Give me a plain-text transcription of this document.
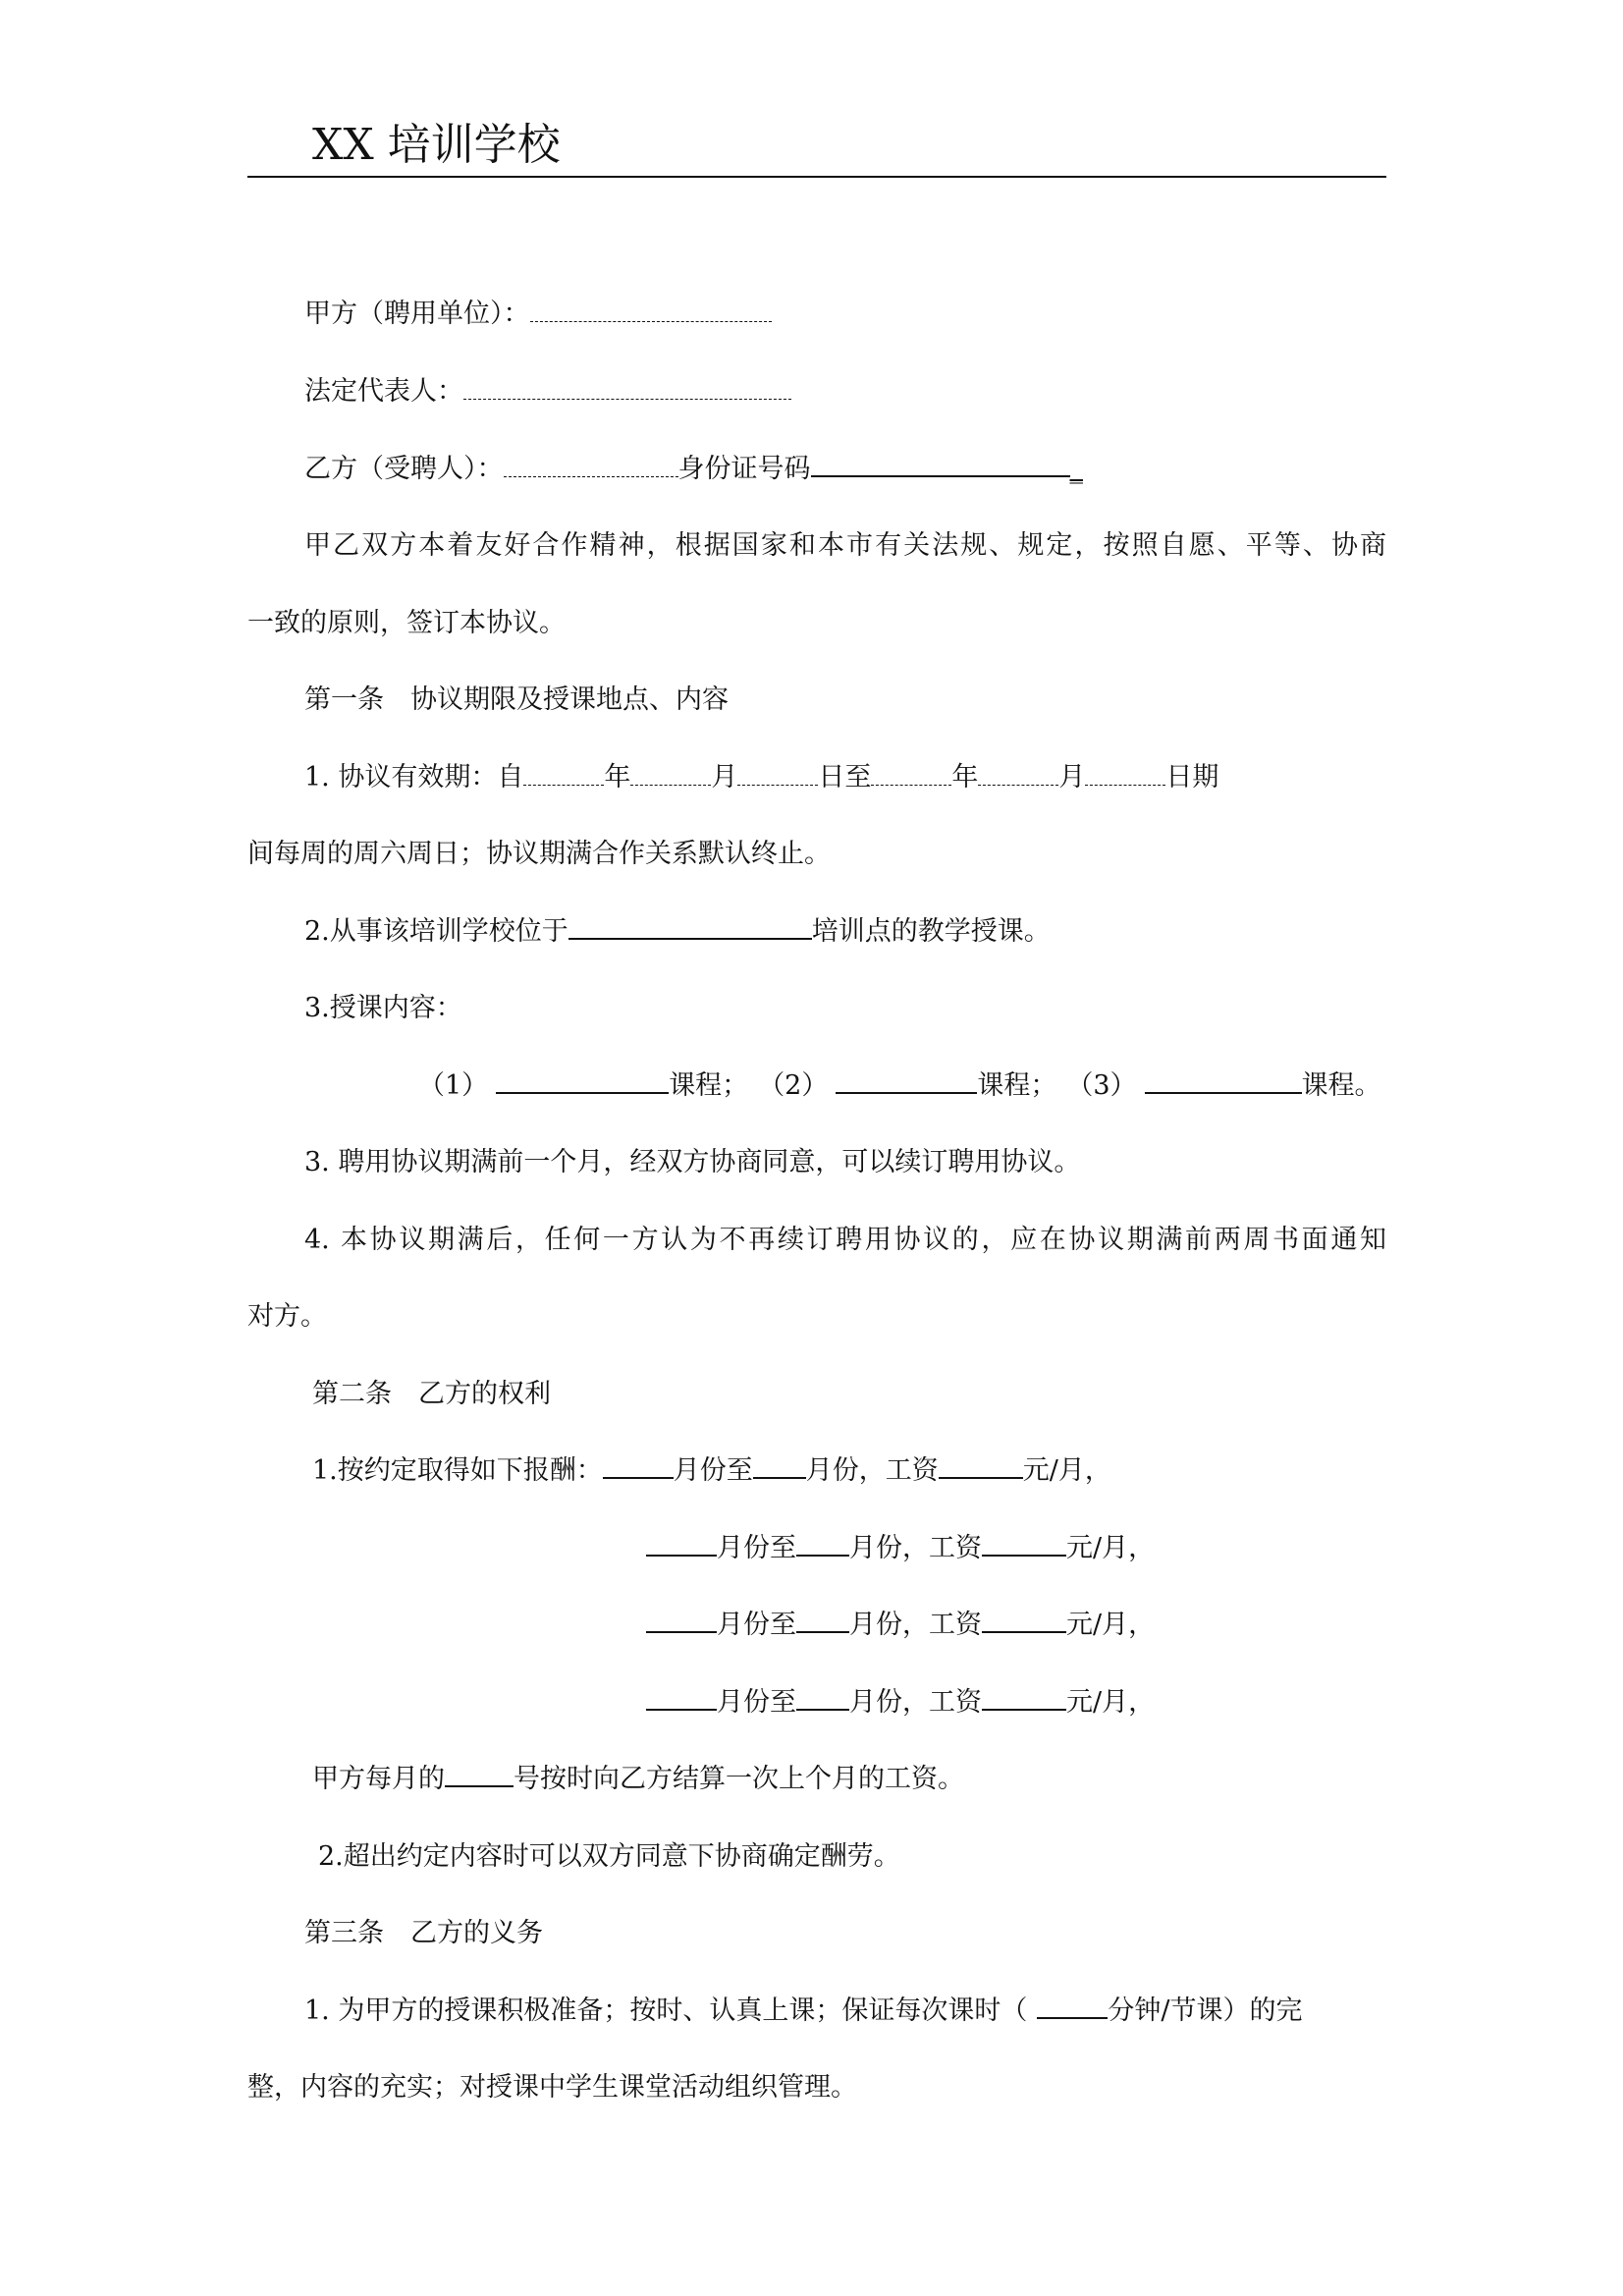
XX 培训学校
甲方（聘用单位）：
法定代表人：
乙方（受聘人）：	身份证号码	_
甲乙双方本着友好合作精神，根据国家和本市有关法规、规定，按照自愿、平等、协商
一致的原则，签订本协议。
第一条　协议期限及授课地点、内容
1. 协议有效期：自	年	月	日至	年	月	日期
间每周的周六周日；协议期满合作关系默认终止。
2.从事该培训学校位于	培训点的教学授课。
3.授课内容：
（1）	课程； （2）	课程； （3）	课程。
3. 聘用协议期满前一个月，经双方协商同意，可以续订聘用协议。
4. 本协议期满后，任何一方认为不再续订聘用协议的，应在协议期满前两周书面通知
对方。
第二条　乙方的权利
1.按约定取得如下报酬：	月份至 月份，工资	元/月，
月份至 月份，工资	元/月，
月份至 月份，工资	元/月，
月份至 月份，工资	元/月，
甲方每月的	号按时向乙方结算一次上个月的工资。
2.超出约定内容时可以双方同意下协商确定酬劳。
第三条　乙方的义务
1. 为甲方的授课积极准备；按时、认真上课；保证每次课时（	分钟/节课）的完
整，内容的充实；对授课中学生课堂活动组织管理。
